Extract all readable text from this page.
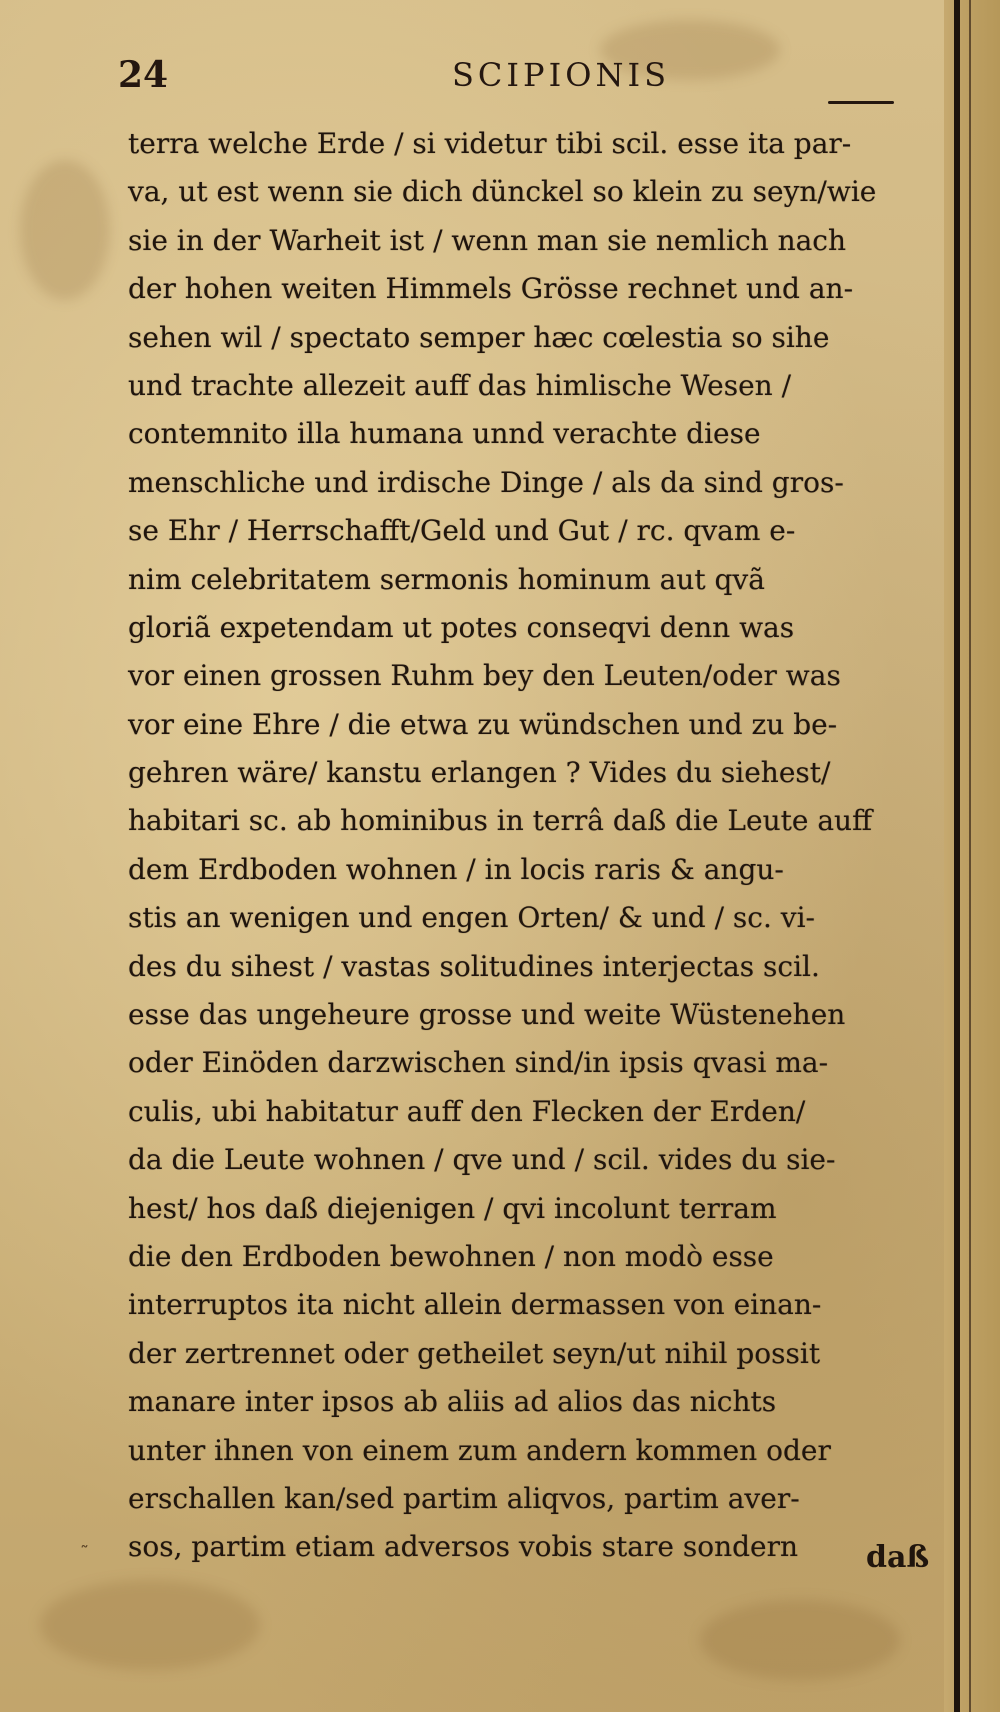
24	SCIPIONIS
terra welche Erde / si videtur tibi scil. esse ita par-
va, ut est wenn sie dich dünckel so klein zu seyn/wie
sie in der Warheit ist / wenn man sie nemlich nach
der hohen weiten Himmels Grösse rechnet und an-
sehen wil / spectato semper hæc cœlestia so sihe
und trachte allezeit auff das himlische Wesen /
contemnito illa humana unnd verachte diese
menschliche und irdische Dinge / als da sind gros-
se Ehr / Herrschafft/Geld und Gut / rc. qvam e-
nim celebritatem sermonis hominum aut qvã
gloriã expetendam ut potes conseqvi denn was
vor einen grossen Ruhm bey den Leuten/oder was
vor eine Ehre / die etwa zu wündschen und zu be-
gehren wäre/ kanstu erlangen ? Vides du siehest/
habitari sc. ab hominibus in terrâ daß die Leute auff
dem Erdboden wohnen / in locis raris & angu-
stis an wenigen und engen Orten/ & und / sc. vi-
des du sihest / vastas solitudines interjectas scil.
esse das ungeheure grosse und weite Wüstenehen
oder Einöden darzwischen sind/in ipsis qvasi ma-
culis, ubi habitatur auff den Flecken der Erden/
da die Leute wohnen / qve und / scil. vides du sie-
hest/ hos daß diejenigen / qvi incolunt terram
die den Erdboden bewohnen / non modò esse
interruptos ita nicht allein dermassen von einan-
der zertrennet oder getheilet seyn/ut nihil possit
manare inter ipsos ab aliis ad alios das nichts
unter ihnen von einem zum andern kommen oder
erschallen kan/sed partim aliqvos, partim aver-
sos, partim etiam adversos vobis stare sondern	daß
˷
